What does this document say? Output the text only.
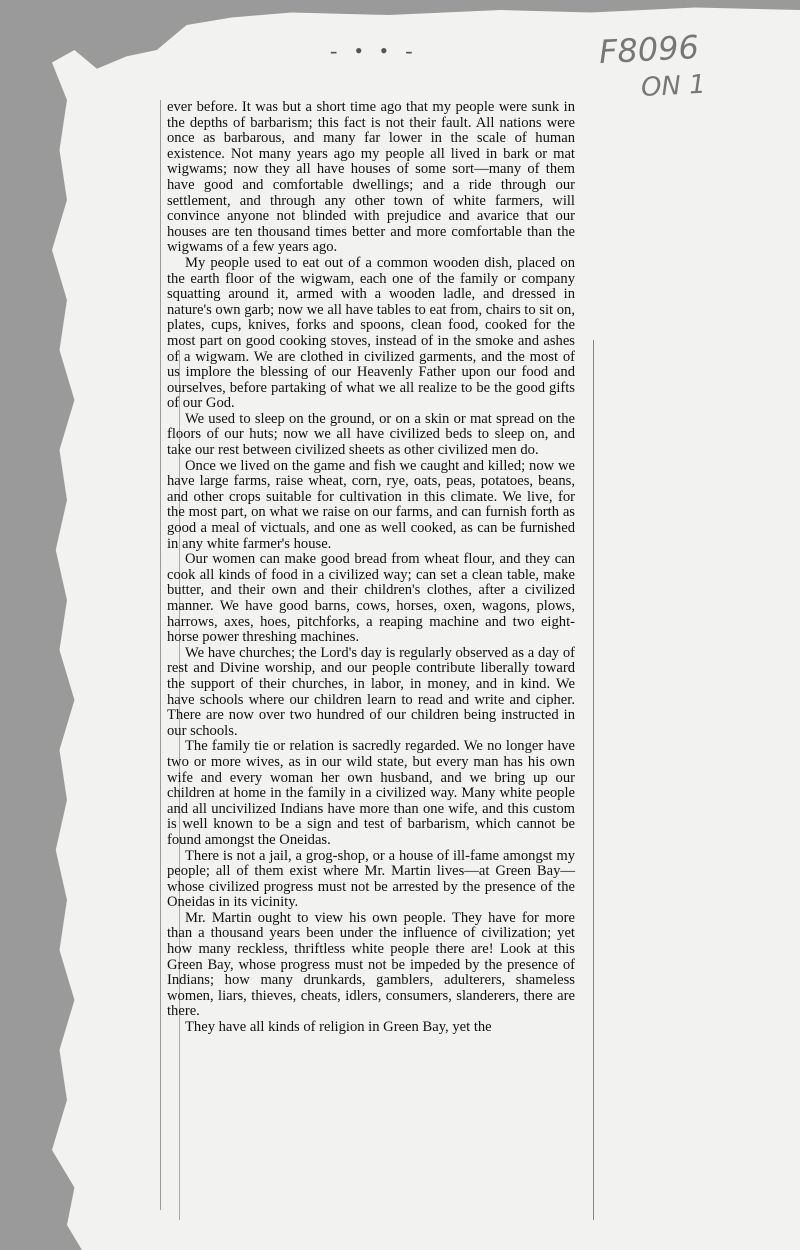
- • • -	F8096
ON 1

ever before. It was but a short time ago that my people were sunk in the depths of barbarism; this fact is not their fault. All nations were once as barbarous, and many far lower in the scale of human existence. Not many years ago my people all lived in bark or mat wigwams; now they all have houses of some sort—many of them have good and comfortable dwellings; and a ride through our settlement, and through any other town of white farmers, will convince anyone not blinded with prejudice and avarice that our houses are ten thousand times better and more comfortable than the wigwams of a few years ago.

My people used to eat out of a common wooden dish, placed on the earth floor of the wigwam, each one of the family or company squatting around it, armed with a wooden ladle, and dressed in nature's own garb; now we all have tables to eat from, chairs to sit on, plates, cups, knives, forks and spoons, clean food, cooked for the most part on good cooking stoves, instead of in the smoke and ashes of a wigwam. We are clothed in civilized garments, and the most of us implore the blessing of our Heavenly Father upon our food and ourselves, before partaking of what we all realize to be the good gifts of our God.

We used to sleep on the ground, or on a skin or mat spread on the floors of our huts; now we all have civilized beds to sleep on, and take our rest between civilized sheets as other civilized men do.

Once we lived on the game and fish we caught and killed; now we have large farms, raise wheat, corn, rye, oats, peas, potatoes, beans, and other crops suitable for cultivation in this climate. We live, for the most part, on what we raise on our farms, and can furnish forth as good a meal of victuals, and one as well cooked, as can be furnished in any white farmer's house.

Our women can make good bread from wheat flour, and they can cook all kinds of food in a civilized way; can set a clean table, make butter, and their own and their children's clothes, after a civilized manner. We have good barns, cows, horses, oxen, wagons, plows, harrows, axes, hoes, pitchforks, a reaping machine and two eight-horse power threshing machines.

We have churches; the Lord's day is regularly observed as a day of rest and Divine worship, and our people contribute liberally toward the support of their churches, in labor, in money, and in kind. We have schools where our children learn to read and write and cipher. There are now over two hundred of our children being instructed in our schools.

The family tie or relation is sacredly regarded. We no longer have two or more wives, as in our wild state, but every man has his own wife and every woman her own husband, and we bring up our children at home in the family in a civilized way. Many white people and all uncivilized Indians have more than one wife, and this custom is well known to be a sign and test of barbarism, which cannot be found amongst the Oneidas.

There is not a jail, a grog-shop, or a house of ill-fame amongst my people; all of them exist where Mr. Martin lives—at Green Bay—whose civilized progress must not be arrested by the presence of the Oneidas in its vicinity.

Mr. Martin ought to view his own people. They have for more than a thousand years been under the influence of civilization; yet how many reckless, thriftless white people there are! Look at this Green Bay, whose progress must not be impeded by the presence of Indians; how many drunkards, gamblers, adulterers, shameless women, liars, thieves, cheats, idlers, consumers, slanderers, there are there.

They have all kinds of religion in Green Bay, yet the
